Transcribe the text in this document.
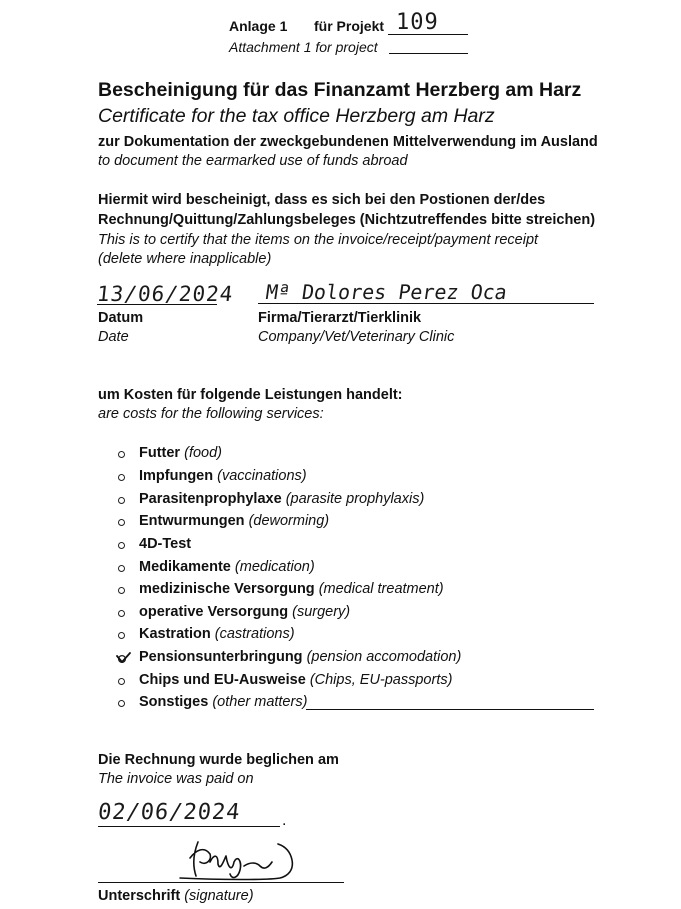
Anlage 1 für Projekt 109
Attachment 1 for project
Bescheinigung für das Finanzamt Herzberg am Harz
Certificate for the tax office Herzberg am Harz
zur Dokumentation der zweckgebundenen Mittelverwendung im Ausland
to document the earmarked use of funds abroad
Hiermit wird bescheinigt, dass es sich bei den Postionen der/des
Rechnung/Quittung/Zahlungsbeleges (Nichtzutreffendes bitte streichen)
This is to certify that the items on the invoice/receipt/payment receipt
(delete where inapplicable)
13/06/2024 Mª Dolores Perez Oca
Datum
Date
Firma/Tierarzt/Tierklinik
Company/Vet/Veterinary Clinic
um Kosten für folgende Leistungen handelt:
are costs for the following services:
Futter (food)
Impfungen (vaccinations)
Parasitenprophylaxe (parasite prophylaxis)
Entwurmungen (deworming)
4D-Test
Medikamente (medication)
medizinische Versorgung (medical treatment)
operative Versorgung (surgery)
Kastration (castrations)
Pensionsunterbringung (pension accomodation)
Chips und EU-Ausweise (Chips, EU-passports)
Sonstiges (other matters)
Die Rechnung wurde beglichen am
The invoice was paid on
02/06/2024	.
Unterschrift (signature)
